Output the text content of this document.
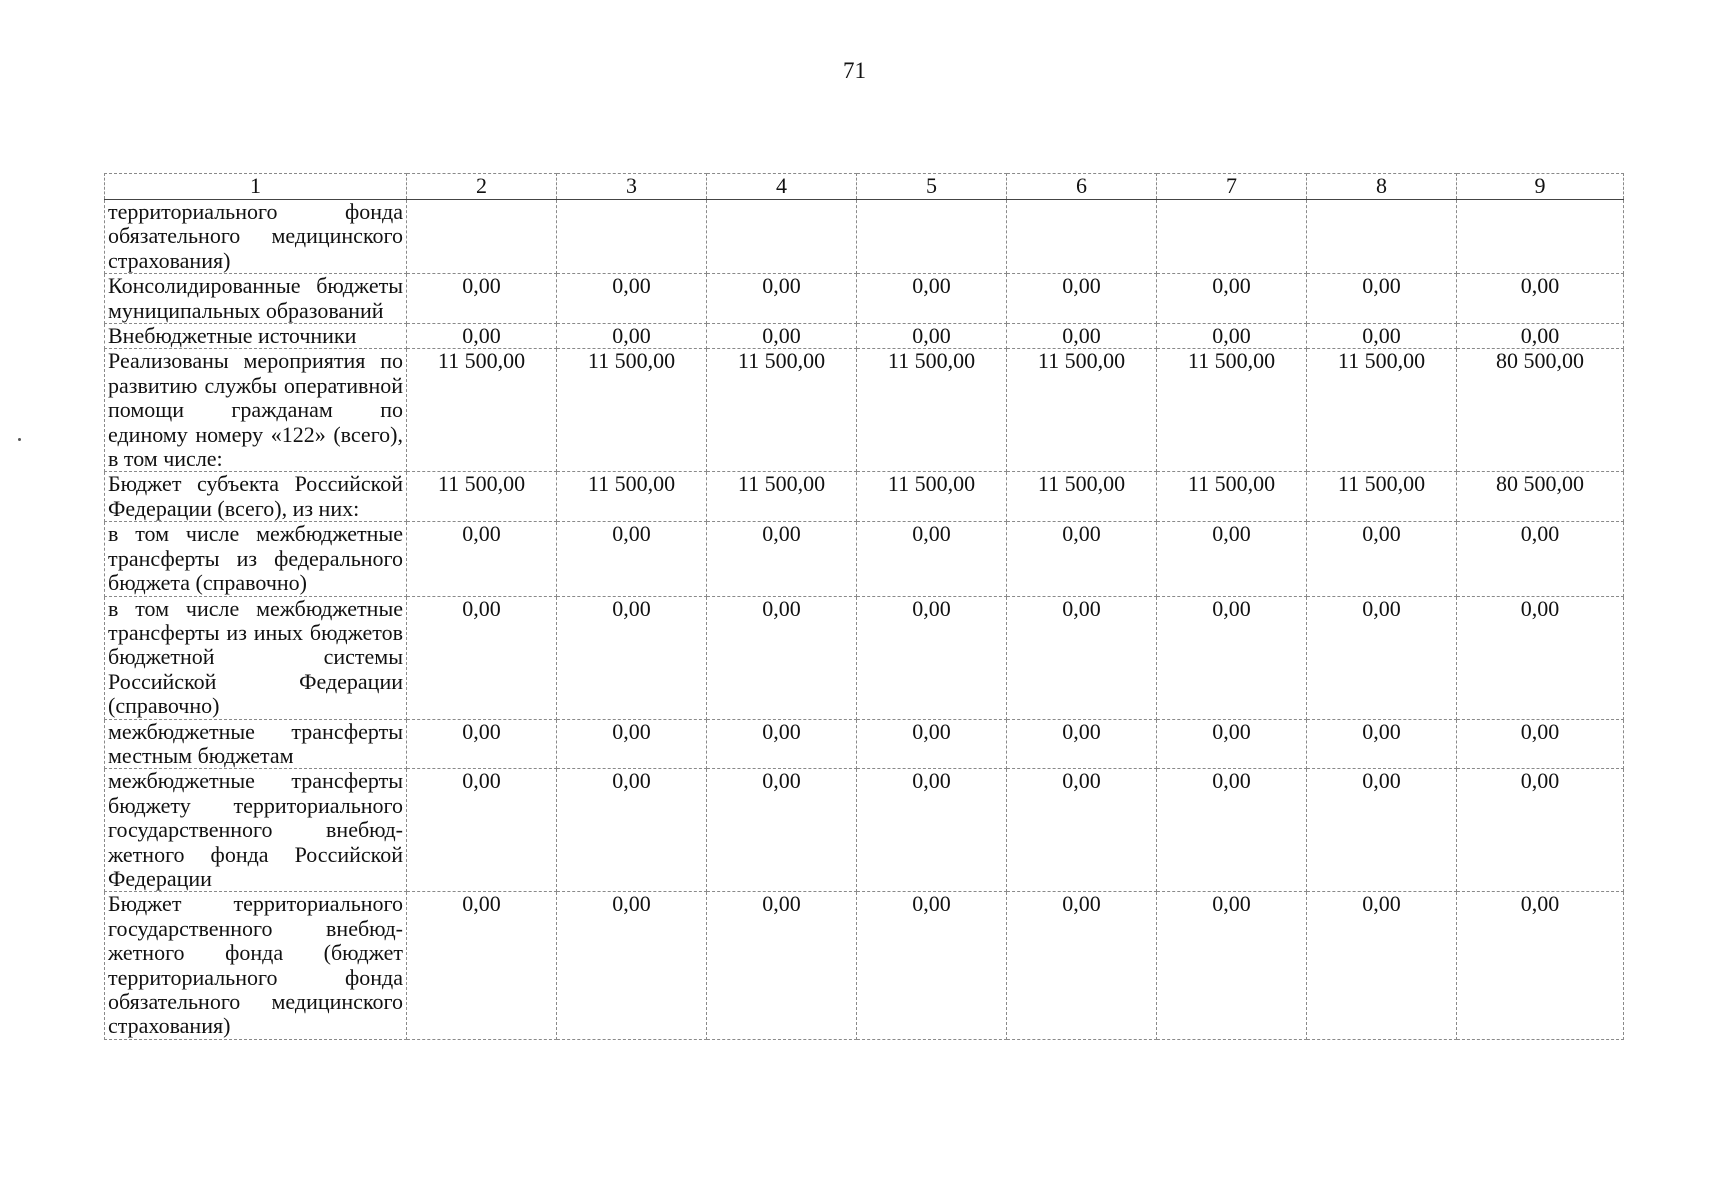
71
1	2	3	4	5	6	7	8	9
территориального фонда обязательного медицинского страхования)								
Консолидированные бюджеты муниципальных образований	0,00	0,00	0,00	0,00	0,00	0,00	0,00	0,00
Внебюджетные источники	0,00	0,00	0,00	0,00	0,00	0,00	0,00	0,00
Реализованы мероприятия по развитию службы оперативной помощи гражданам по единому номеру «122» (всего), в том числе:	11 500,00	11 500,00	11 500,00	11 500,00	11 500,00	11 500,00	11 500,00	80 500,00
Бюджет субъекта Российской Федерации (всего), из них:	11 500,00	11 500,00	11 500,00	11 500,00	11 500,00	11 500,00	11 500,00	80 500,00
в том числе межбюджетные трансферты из федерального бюджета (справочно)	0,00	0,00	0,00	0,00	0,00	0,00	0,00	0,00
в том числе межбюджетные трансферты из иных бюджетов бюджетной системы Российской Федерации (справочно)	0,00	0,00	0,00	0,00	0,00	0,00	0,00	0,00
межбюджетные трансферты местным бюджетам	0,00	0,00	0,00	0,00	0,00	0,00	0,00	0,00
межбюджетные трансферты бюджету территориального государственного внебюджетного фонда Российской Федерации	0,00	0,00	0,00	0,00	0,00	0,00	0,00	0,00
Бюджет территориального государственного внебюджетного фонда (бюджет территориального фонда обязательного медицинского страхования)	0,00	0,00	0,00	0,00	0,00	0,00	0,00	0,00
